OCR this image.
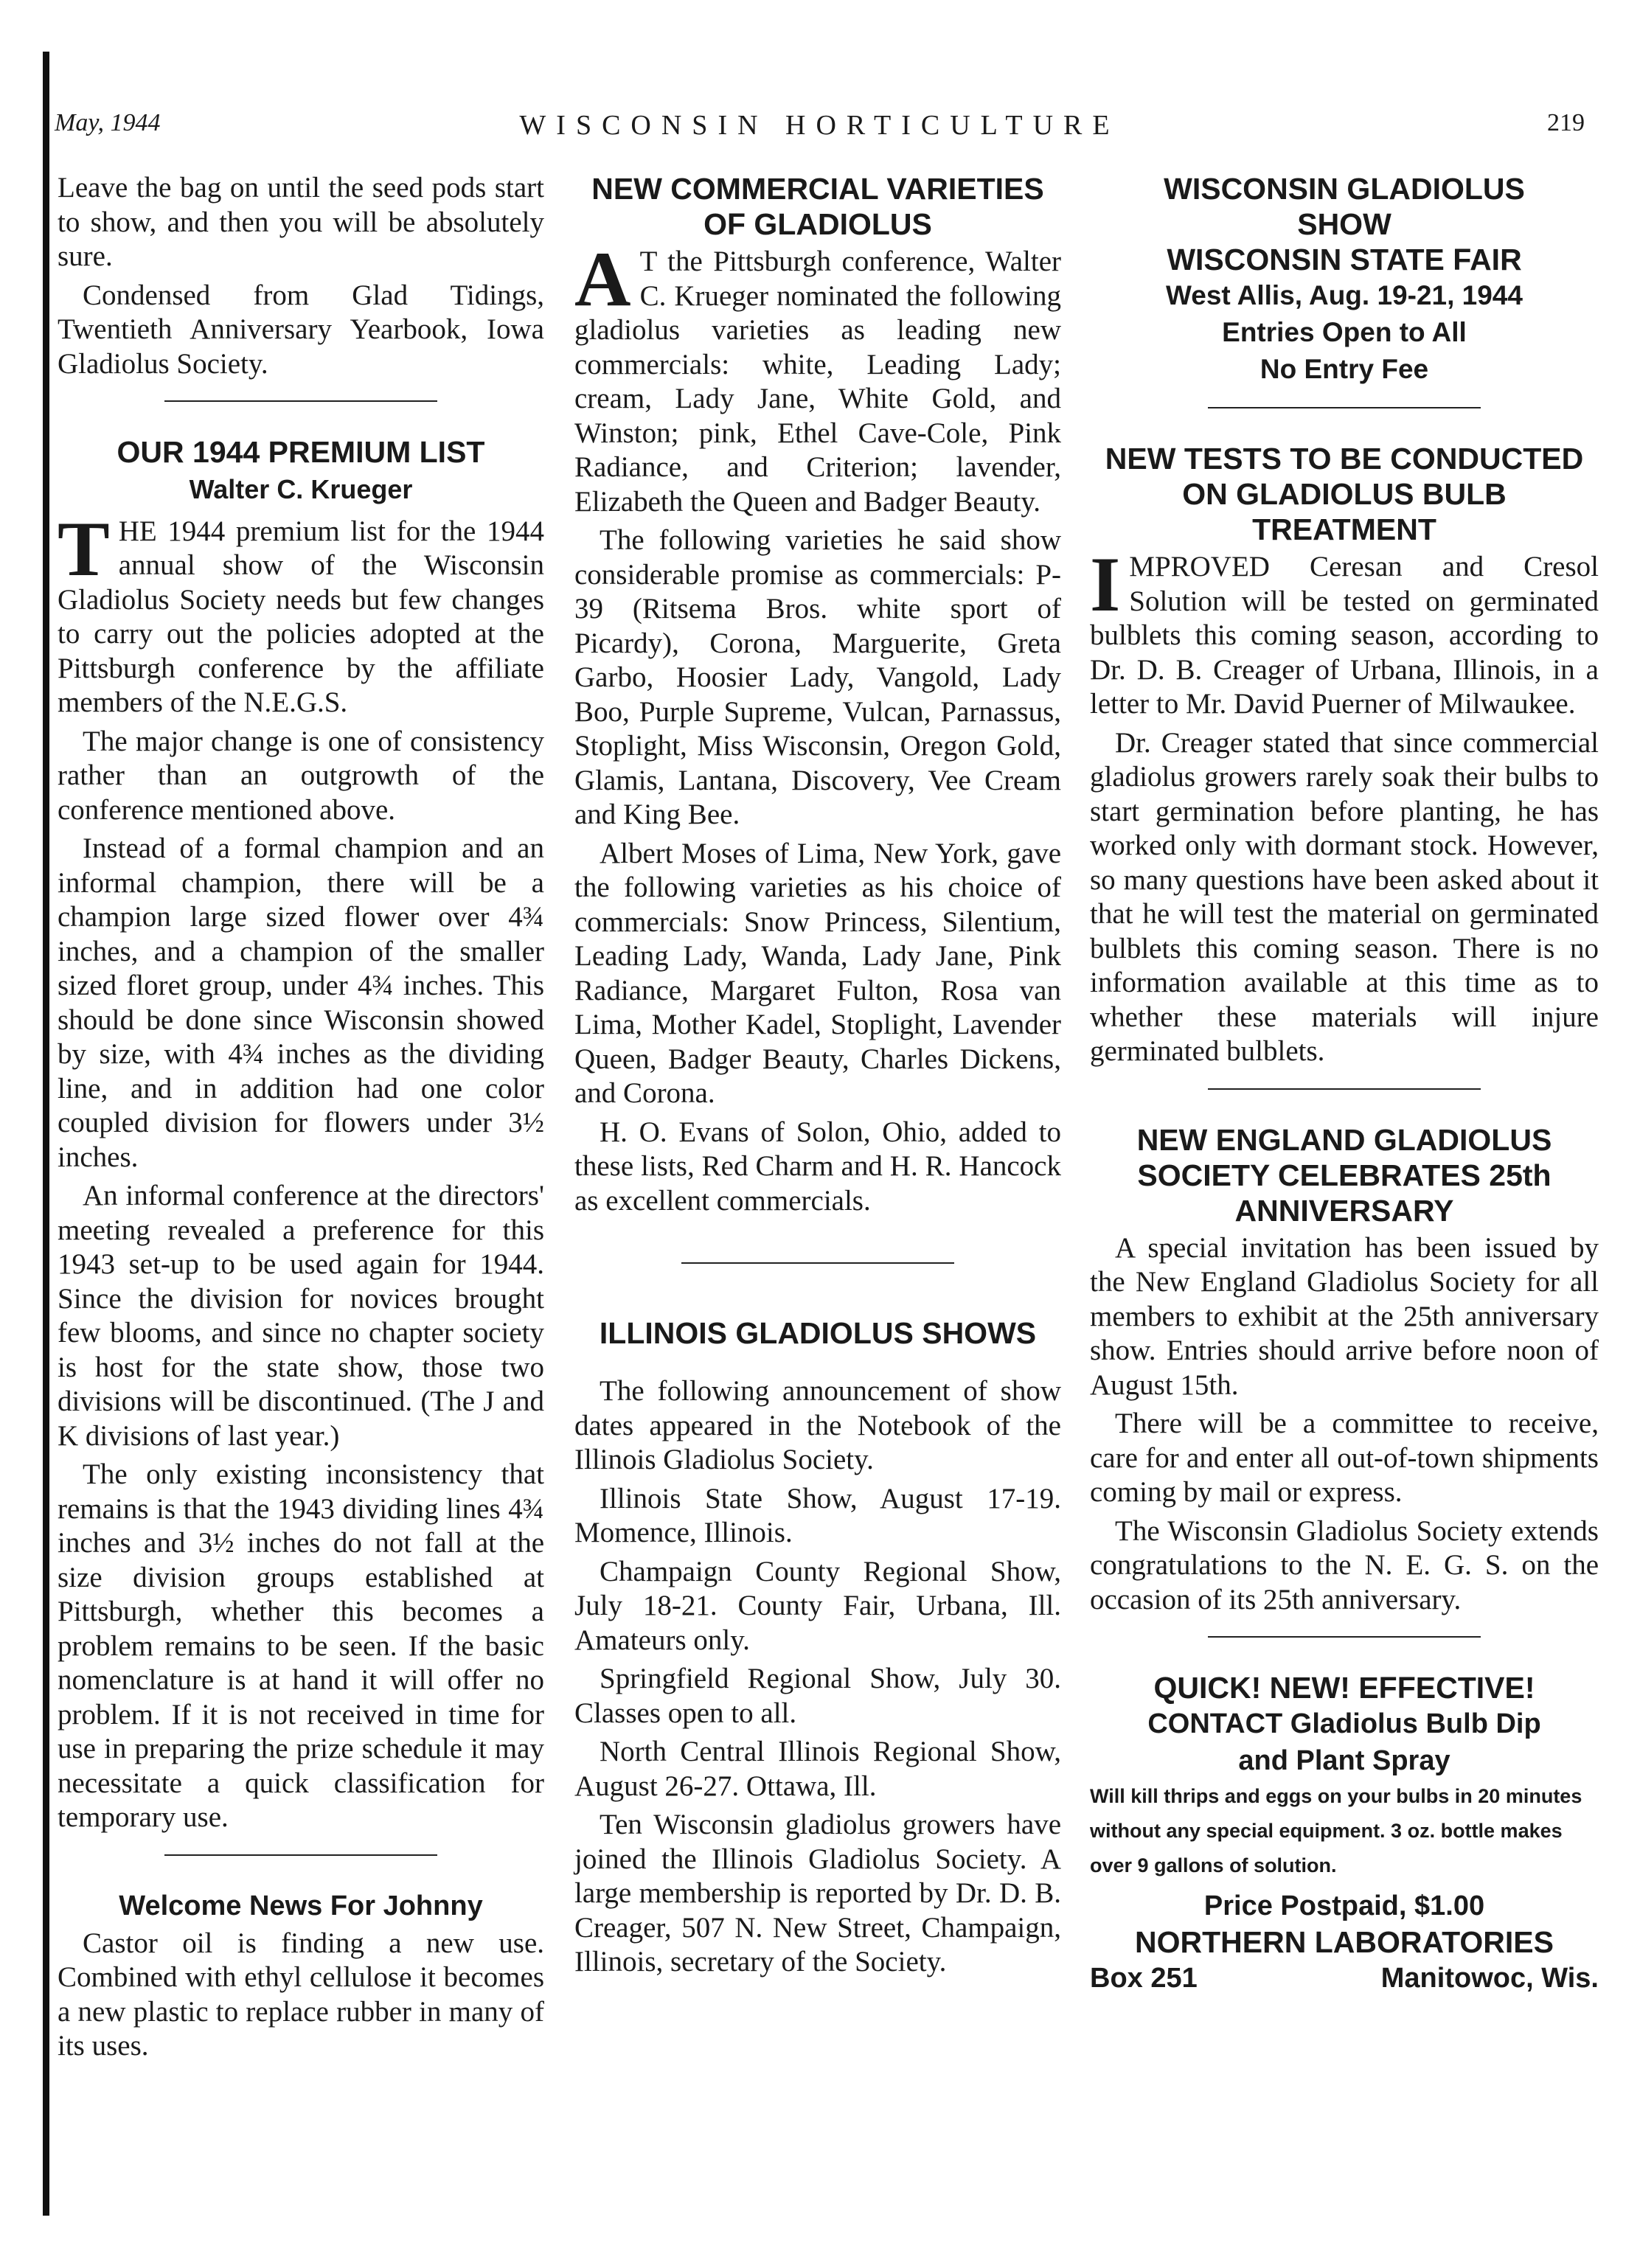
WISCONSIN HORTICULTURE
May, 1944	219

Leave the bag on until the seed pods start to show, and then you will be absolutely sure.

Condensed from Glad Tidings, Twentieth Anniversary Yearbook, Iowa Gladiolus Society.

OUR 1944 PREMIUM LIST
Walter C. Krueger

THE 1944 premium list for the 1944 annual show of the Wisconsin Gladiolus Society needs but few changes to carry out the policies adopted at the Pittsburgh conference by the affiliate members of the N.E.G.S.

The major change is one of consistency rather than an outgrowth of the conference mentioned above.

Instead of a formal champion and an informal champion, there will be a champion large sized flower over 4¾ inches, and a champion of the smaller sized floret group, under 4¾ inches. This should be done since Wisconsin showed by size, with 4¾ inches as the dividing line, and in addition had one color coupled division for flowers under 3½ inches.

An informal conference at the directors' meeting revealed a preference for this 1943 set-up to be used again for 1944. Since the division for novices brought few blooms, and since no chapter society is host for the state show, those two divisions will be discontinued. (The J and K divisions of last year.)

The only existing inconsistency that remains is that the 1943 dividing lines 4¾ inches and 3½ inches do not fall at the size division groups established at Pittsburgh, whether this becomes a problem remains to be seen. If the basic nomenclature is at hand it will offer no problem. If it is not received in time for use in preparing the prize schedule it may necessitate a quick classification for temporary use.

Welcome News For Johnny

Castor oil is finding a new use. Combined with ethyl cellulose it becomes a new plastic to replace rubber in many of its uses.

NEW COMMERCIAL VARIETIES OF GLADIOLUS

A T the Pittsburgh conference, Walter C. Krueger nominated the following gladiolus varieties as leading new commercials: white, Leading Lady; cream, Lady Jane, White Gold, and Winston; pink, Ethel Cave-Cole, Pink Radiance, and Criterion; lavender, Elizabeth the Queen and Badger Beauty.

The following varieties he said show considerable promise as commercials: P-39 (Ritsema Bros. white sport of Picardy), Corona, Marguerite, Greta Garbo, Hoosier Lady, Vangold, Lady Boo, Purple Supreme, Vulcan, Parnassus, Stoplight, Miss Wisconsin, Oregon Gold, Glamis, Lantana, Discovery, Vee Cream and King Bee.

Albert Moses of Lima, New York, gave the following varieties as his choice of commercials: Snow Princess, Silentium, Leading Lady, Wanda, Lady Jane, Pink Radiance, Margaret Fulton, Rosa van Lima, Mother Kadel, Stoplight, Lavender Queen, Badger Beauty, Charles Dickens, and Corona.

H. O. Evans of Solon, Ohio, added to these lists, Red Charm and H. R. Hancock as excellent commercials.

ILLINOIS GLADIOLUS SHOWS

The following announcement of show dates appeared in the Notebook of the Illinois Gladiolus Society.

Illinois State Show, August 17-19. Momence, Illinois.

Champaign County Regional Show, July 18-21. County Fair, Urbana, Ill. Amateurs only.

Springfield Regional Show, July 30. Classes open to all.

North Central Illinois Regional Show, August 26-27. Ottawa, Ill.

Ten Wisconsin gladiolus growers have joined the Illinois Gladiolus Society. A large membership is reported by Dr. D. B. Creager, 507 N. New Street, Champaign, Illinois, secretary of the Society.

WISCONSIN GLADIOLUS
SHOW
WISCONSIN STATE FAIR
West Allis, Aug. 19-21, 1944
Entries Open to All
No Entry Fee
NEW TESTS TO BE CONDUCTED ON GLADIOLUS BULB TREATMENT

IMPROVED Ceresan and Cresol Solution will be tested on germinated bulblets this coming season, according to Dr. D. B. Creager of Urbana, Illinois, in a letter to Mr. David Puerner of Milwaukee.

Dr. Creager stated that since commercial gladiolus growers rarely soak their bulbs to start germination before planting, he has worked only with dormant stock. However, so many questions have been asked about it that he will test the material on germinated bulblets this coming season. There is no information available at this time as to whether these materials will injure germinated bulblets.

NEW ENGLAND GLADIOLUS SOCIETY CELEBRATES 25th ANNIVERSARY

A special invitation has been issued by the New England Gladiolus Society for all members to exhibit at the 25th anniversary show. Entries should arrive before noon of August 15th.

There will be a committee to receive, care for and enter all out-of-town shipments coming by mail or express.

The Wisconsin Gladiolus Society extends congratulations to the N. E. G. S. on the occasion of its 25th anniversary.

QUICK! NEW! EFFECTIVE!
CONTACT Gladiolus Bulb Dip
and Plant Spray
Will kill thrips and eggs on your bulbs in 20 minutes without any special equipment. 3 oz. bottle makes over 9 gallons of solution.
Price Postpaid, $1.00
NORTHERN LABORATORIES
Box 251	Manitowoc, Wis.
